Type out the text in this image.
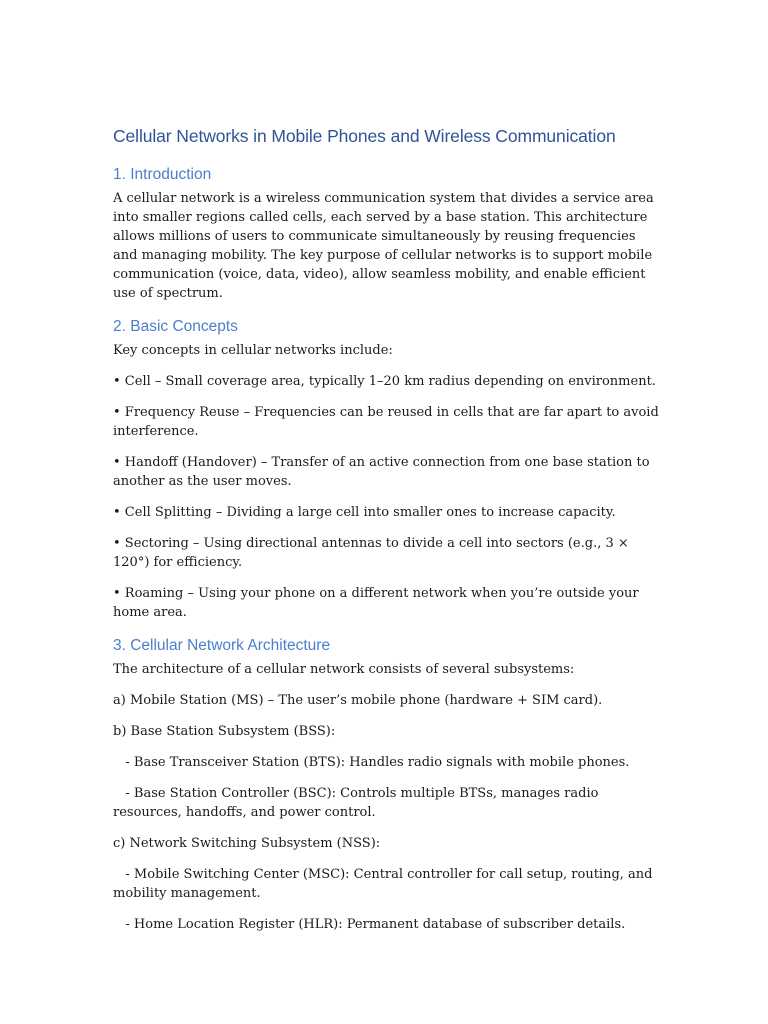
Cellular Networks in Mobile Phones and Wireless Communication
1. Introduction

A cellular network is a wireless communication system that divides a service area into smaller regions called cells, each served by a base station. This architecture allows millions of users to communicate simultaneously by reusing frequencies and managing mobility. The key purpose of cellular networks is to support mobile communication (voice, data, video), allow seamless mobility, and enable efficient use of spectrum.

2. Basic Concepts

Key concepts in cellular networks include:

• Cell – Small coverage area, typically 1–20 km radius depending on environment.

• Frequency Reuse – Frequencies can be reused in cells that are far apart to avoid interference.

• Handoff (Handover) – Transfer of an active connection from one base station to another as the user moves.

• Cell Splitting – Dividing a large cell into smaller ones to increase capacity.

• Sectoring – Using directional antennas to divide a cell into sectors (e.g., 3 × 120°) for efficiency.

• Roaming – Using your phone on a different network when you’re outside your home area.

3. Cellular Network Architecture

The architecture of a cellular network consists of several subsystems:

a) Mobile Station (MS) – The user’s mobile phone (hardware + SIM card).

b) Base Station Subsystem (BSS):

- Base Transceiver Station (BTS): Handles radio signals with mobile phones.

- Base Station Controller (BSC): Controls multiple BTSs, manages radio resources, handoffs, and power control.

c) Network Switching Subsystem (NSS):

- Mobile Switching Center (MSC): Central controller for call setup, routing, and mobility management.

- Home Location Register (HLR): Permanent database of subscriber details.
